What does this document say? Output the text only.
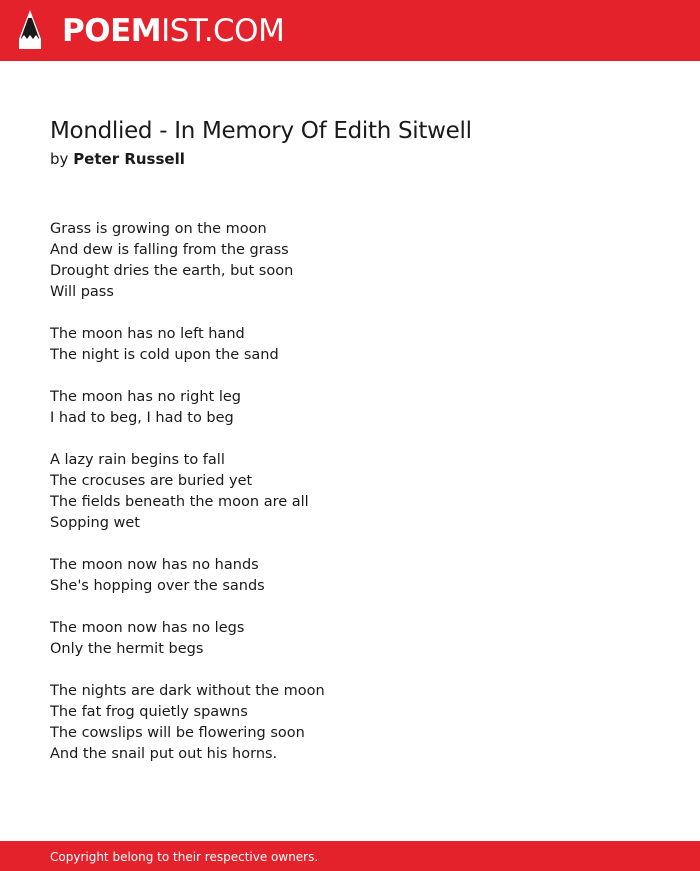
POEMIST.COM
Mondlied - In Memory Of Edith Sitwell
by Peter Russell
Grass is growing on the moon
And dew is falling from the grass
Drought dries the earth, but soon
Will pass
The moon has no left hand
The night is cold upon the sand
The moon has no right leg
I had to beg, I had to beg
A lazy rain begins to fall
The crocuses are buried yet
The fields beneath the moon are all
Sopping wet
The moon now has no hands
She's hopping over the sands
The moon now has no legs
Only the hermit begs
The nights are dark without the moon
The fat frog quietly spawns
The cowslips will be flowering soon
And the snail put out his horns.
Copyright belong to their respective owners.
